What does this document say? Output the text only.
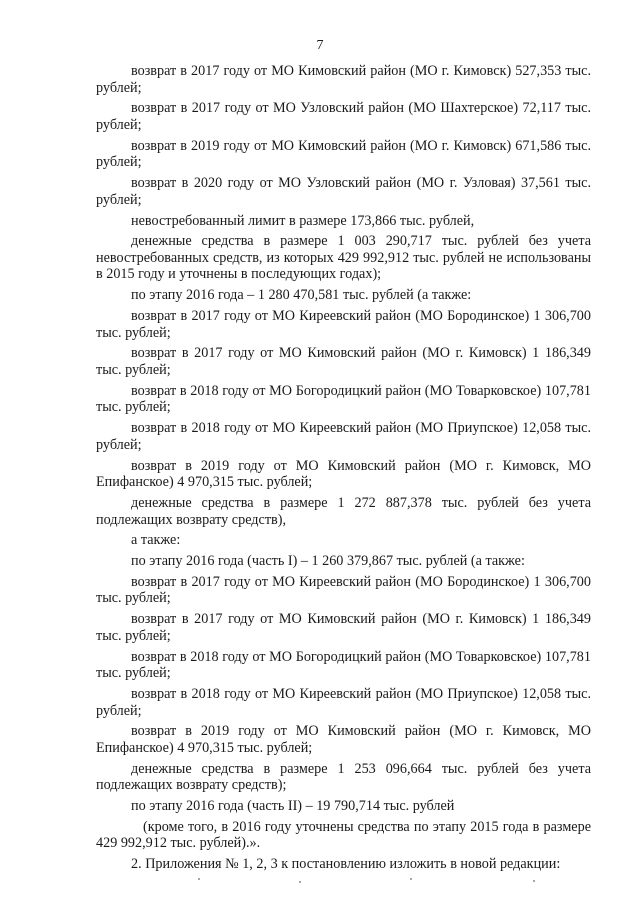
7

возврат в 2017 году от МО Кимовский район (МО г. Кимовск) 527,353 тыс. рублей;

возврат в 2017 году от МО Узловский район (МО Шахтерское) 72,117 тыс. рублей;

возврат в 2019 году от МО Кимовский район (МО г. Кимовск) 671,586 тыс. рублей;

возврат в 2020 году от МО Узловский район (МО г. Узловая) 37,561 тыс. рублей;

невостребованный лимит в размере 173,866 тыс. рублей,

денежные средства в размере 1 003 290,717 тыс. рублей без учета невостребованных средств, из которых 429 992,912 тыс. рублей не использованы в 2015 году и уточнены в последующих годах);

по этапу 2016 года – 1 280 470,581 тыс. рублей (а также:

возврат в 2017 году от МО Киреевский район (МО Бородинское) 1 306,700 тыс. рублей;

возврат в 2017 году от МО Кимовский район (МО г. Кимовск) 1 186,349 тыс. рублей;

возврат в 2018 году от МО Богородицкий район (МО Товарковское) 107,781 тыс. рублей;

возврат в 2018 году от МО Киреевский район (МО Приупское) 12,058 тыс. рублей;

возврат в 2019 году от МО Кимовский район (МО г. Кимовск, МО Епифанское) 4 970,315 тыс. рублей;

денежные средства в размере 1 272 887,378 тыс. рублей без учета подлежащих возврату средств),

а также:

по этапу 2016 года (часть I) – 1 260 379,867 тыс. рублей (а также:

возврат в 2017 году от МО Киреевский район (МО Бородинское) 1 306,700 тыс. рублей;

возврат в 2017 году от МО Кимовский район (МО г. Кимовск) 1 186,349 тыс. рублей;

возврат в 2018 году от МО Богородицкий район (МО Товарковское) 107,781 тыс. рублей;

возврат в 2018 году от МО Киреевский район (МО Приупское) 12,058 тыс. рублей;

возврат в 2019 году от МО Кимовский район (МО г. Кимовск, МО Епифанское) 4 970,315 тыс. рублей;

денежные средства в размере 1 253 096,664 тыс. рублей без учета подлежащих возврату средств);

по этапу 2016 года (часть II) – 19 790,714 тыс. рублей

(кроме того, в 2016 году уточнены средства по этапу 2015 года в размере 429 992,912 тыс. рублей).».

2. Приложения № 1, 2, 3 к постановлению изложить в новой редакции:
